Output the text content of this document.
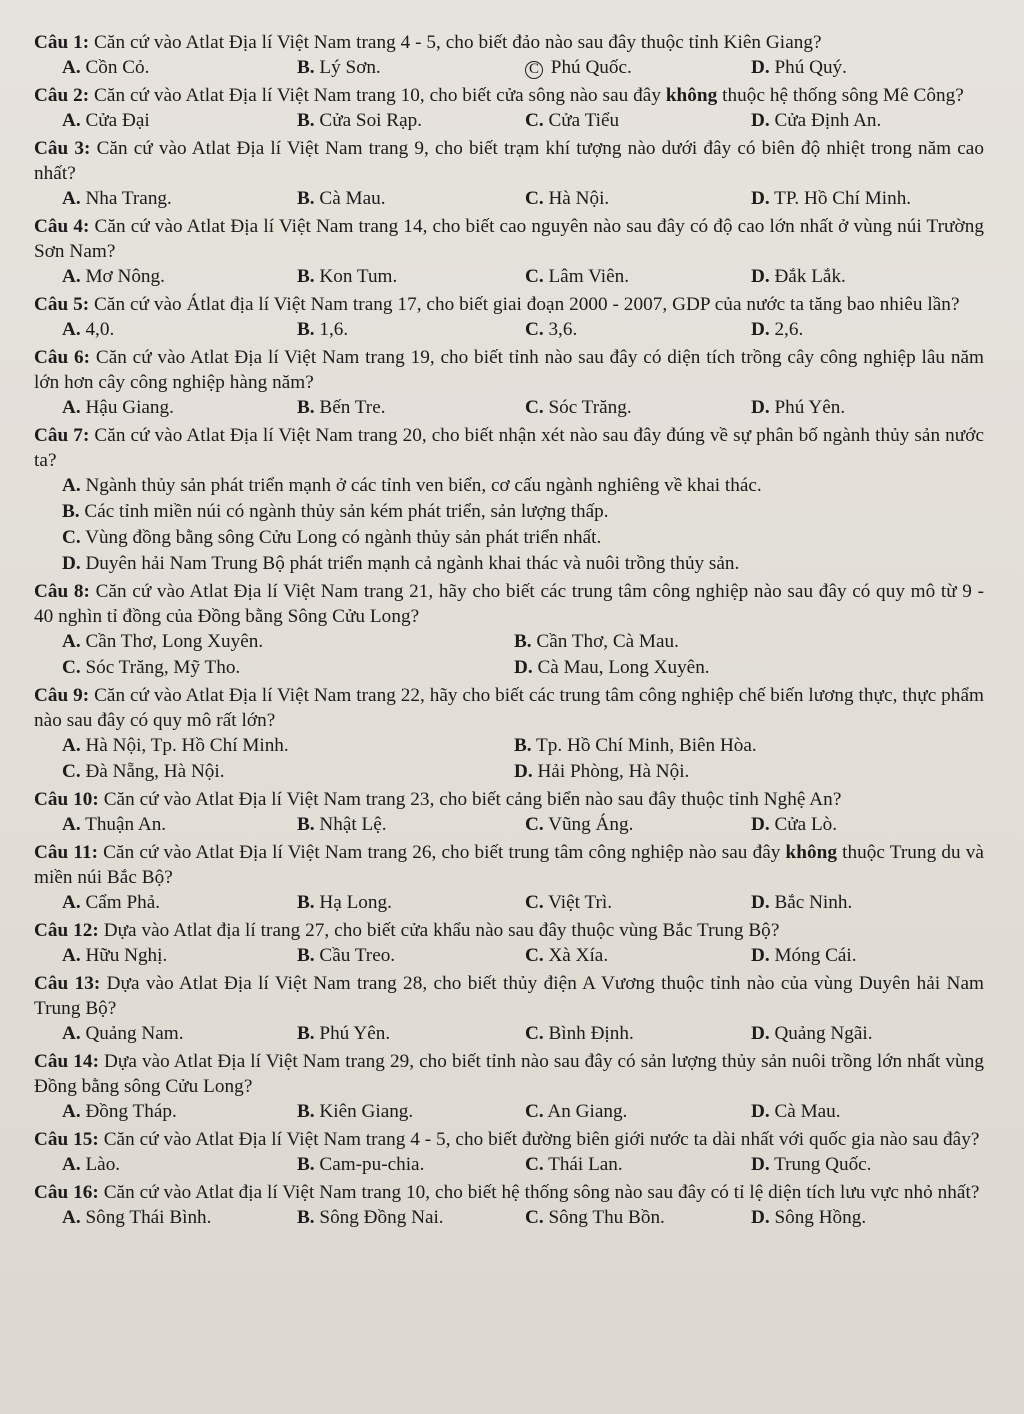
Câu 1: Căn cứ vào Atlat Địa lí Việt Nam trang 4 - 5, cho biết đảo nào sau đây thuộc tỉnh Kiên Giang?
A. Cồn Cỏ.	B. Lý Sơn.	C Phú Quốc.	D. Phú Quý.
Câu 2: Căn cứ vào Atlat Địa lí Việt Nam trang 10, cho biết cửa sông nào sau đây không thuộc hệ thống sông Mê Công?
A. Cửa Đại	B. Cửa Soi Rạp.	C. Cửa Tiểu	D. Cửa Định An.
Câu 3: Căn cứ vào Atlat Địa lí Việt Nam trang 9, cho biết trạm khí tượng nào dưới đây có biên độ nhiệt trong năm cao nhất?
A. Nha Trang.	B. Cà Mau.	C. Hà Nội.	D. TP. Hồ Chí Minh.
Câu 4: Căn cứ vào Atlat Địa lí Việt Nam trang 14, cho biết cao nguyên nào sau đây có độ cao lớn nhất ở vùng núi Trường Sơn Nam?
A. Mơ Nông.	B. Kon Tum.	C. Lâm Viên.	D. Đắk Lắk.
Câu 5: Căn cứ vào Átlat địa lí Việt Nam trang 17, cho biết giai đoạn 2000 - 2007, GDP của nước ta tăng bao nhiêu lần?
A. 4,0.	B. 1,6.	C. 3,6.	D. 2,6.
Câu 6: Căn cứ vào Atlat Địa lí Việt Nam trang 19, cho biết tỉnh nào sau đây có diện tích trồng cây công nghiệp lâu năm lớn hơn cây công nghiệp hàng năm?
A. Hậu Giang.	B. Bến Tre.	C. Sóc Trăng.	D. Phú Yên.
Câu 7: Căn cứ vào Atlat Địa lí Việt Nam trang 20, cho biết nhận xét nào sau đây đúng về sự phân bố ngành thủy sản nước ta?
A. Ngành thủy sản phát triển mạnh ở các tỉnh ven biển, cơ cấu ngành nghiêng về khai thác.
B. Các tỉnh miền núi có ngành thủy sản kém phát triển, sản lượng thấp.
C. Vùng đồng bằng sông Cửu Long có ngành thủy sản phát triển nhất.
D. Duyên hải Nam Trung Bộ phát triển mạnh cả ngành khai thác và nuôi trồng thủy sản.
Câu 8: Căn cứ vào Atlat Địa lí Việt Nam trang 21, hãy cho biết các trung tâm công nghiệp nào sau đây có quy mô từ 9 - 40 nghìn tỉ đồng của Đồng bằng Sông Cửu Long?
A. Cần Thơ, Long Xuyên.	B. Cần Thơ, Cà Mau.
C. Sóc Trăng, Mỹ Tho.	D. Cà Mau, Long Xuyên.
Câu 9: Căn cứ vào Atlat Địa lí Việt Nam trang 22, hãy cho biết các trung tâm công nghiệp chế biến lương thực, thực phẩm nào sau đây có quy mô rất lớn?
A. Hà Nội, Tp. Hồ Chí Minh.	B. Tp. Hồ Chí Minh, Biên Hòa.
C. Đà Nẵng, Hà Nội.	D. Hải Phòng, Hà Nội.
Câu 10: Căn cứ vào Atlat Địa lí Việt Nam trang 23, cho biết cảng biển nào sau đây thuộc tỉnh Nghệ An?
A. Thuận An.	B. Nhật Lệ.	C. Vũng Áng.	D. Cửa Lò.
Câu 11: Căn cứ vào Atlat Địa lí Việt Nam trang 26, cho biết trung tâm công nghiệp nào sau đây không thuộc Trung du và miền núi Bắc Bộ?
A. Cẩm Phả.	B. Hạ Long.	C. Việt Trì.	D. Bắc Ninh.
Câu 12: Dựa vào Atlat địa lí trang 27, cho biết cửa khẩu nào sau đây thuộc vùng Bắc Trung Bộ?
A. Hữu Nghị.	B. Cầu Treo.	C. Xà Xía.	D. Móng Cái.
Câu 13: Dựa vào Atlat Địa lí Việt Nam trang 28, cho biết thủy điện A Vương thuộc tỉnh nào của vùng Duyên hải Nam Trung Bộ?
A. Quảng Nam.	B. Phú Yên.	C. Bình Định.	D. Quảng Ngãi.
Câu 14: Dựa vào Atlat Địa lí Việt Nam trang 29, cho biết tỉnh nào sau đây có sản lượng thủy sản nuôi trồng lớn nhất vùng Đồng bằng sông Cửu Long?
A. Đồng Tháp.	B. Kiên Giang.	C. An Giang.	D. Cà Mau.
Câu 15: Căn cứ vào Atlat Địa lí Việt Nam trang 4 - 5, cho biết đường biên giới nước ta dài nhất với quốc gia nào sau đây?
A. Lào.	B. Cam-pu-chia.	C. Thái Lan.	D. Trung Quốc.
Câu 16: Căn cứ vào Atlat địa lí Việt Nam trang 10, cho biết hệ thống sông nào sau đây có tỉ lệ diện tích lưu vực nhỏ nhất?
A. Sông Thái Bình.	B. Sông Đồng Nai.	C. Sông Thu Bồn.	D. Sông Hồng.
